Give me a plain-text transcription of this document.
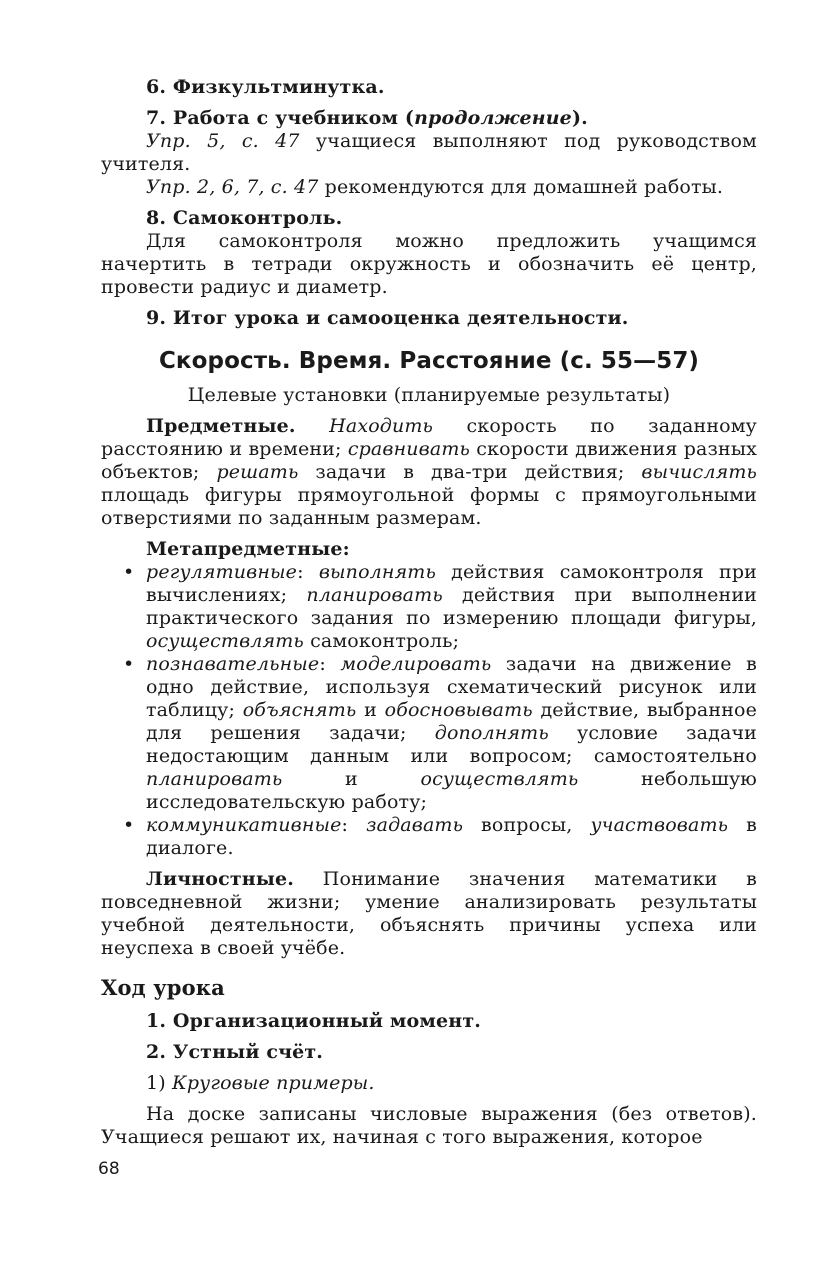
6. Физкультминутка.

7. Работа с учебником (продолжение).

Упр. 5, с. 47 учащиеся выполняют под руководством учителя.

Упр. 2, 6, 7, с. 47 рекомендуются для домашней работы.

8. Самоконтроль.

Для самоконтроля можно предложить учащимся начертить в тетради окружность и обозначить её центр, провести радиус и диаметр.

9. Итог урока и самооценка деятельности.

Скорость. Время. Расстояние (с. 55—57)

Целевые установки (планируемые результаты)

Предметные. Находить скорость по заданному расстоянию и времени; сравнивать скорости движения разных объектов; решать задачи в два-три действия; вычислять площадь фигуры прямоугольной формы с прямоугольными отверстиями по заданным размерам.

Метапредметные:

• регулятивные: выполнять действия самоконтроля при вычислениях; планировать действия при выполнении практического задания по измерению площади фигуры, осуществлять самоконтроль;
• познавательные: моделировать задачи на движение в одно действие, используя схематический рисунок или таблицу; объяснять и обосновывать действие, выбранное для решения задачи; дополнять условие задачи недостающим данным или вопросом; самостоятельно планировать и осуществлять небольшую исследовательскую работу;
• коммуникативные: задавать вопросы, участвовать в диалоге.

Личностные. Понимание значения математики в повседневной жизни; умение анализировать результаты учебной деятельности, объяснять причины успеха или неуспеха в своей учёбе.

Ход урока

1. Организационный момент.

2. Устный счёт.

1) Круговые примеры.

На доске записаны числовые выражения (без ответов). Учащиеся решают их, начиная с того выражения, которое

68
